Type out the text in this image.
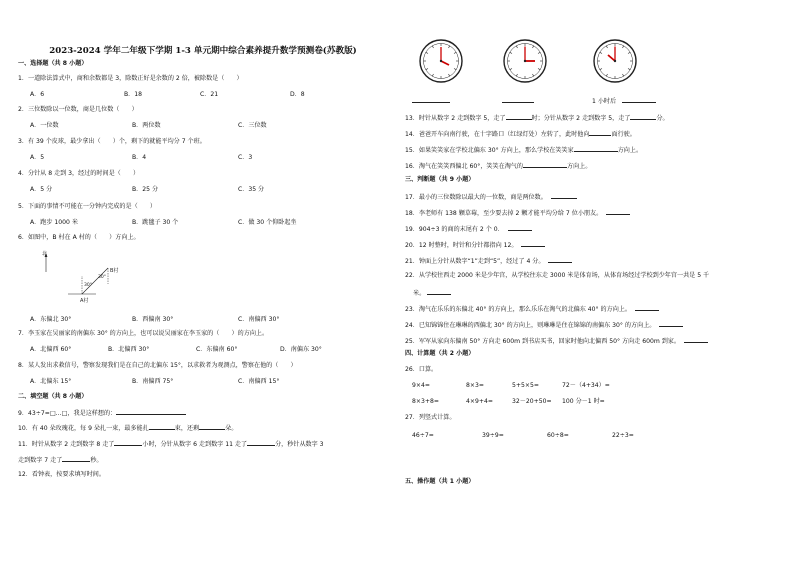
2023-2024 学年二年级下学期 1-3 单元期中综合素养提升数学预测卷(苏教版)
一、选择题（共 8 小题）
1．一道除法算式中，商和余数都是 3，除数正好是余数的 2 倍，被除数是（　　）
A．6	B．18	C．21	D．8
2．三位数除以一位数，商是几位数（　　）
A．一位数	B．两位数	C．三位数
3．有 39 个皮球，最少拿出（　　）个，剩下的就能平均分 7 个班。
A．5	B．4	C．3
4．分针从 8 走到 3，经过的时间是（　　）
A．5 分	B．25 分	C．35 分
5．下面的事情不可能在一分钟内完成的是（　　）
A．跑步 1000 米	B．跳毽子 30 个	C．做 30 个仰卧起坐
6．如图中，B 村在 A 村的（　　）方向上。
北
A村
B村
30°
30°
A．东偏北 30°	B．西偏南 30°	C．南偏西 30°
7．李玉家在吴丽家的南偏东 30° 的方向上，也可以说吴丽家在李玉家的（　　）的方向上。
A．北偏西 60°	B．北偏西 30°	C．东偏南 60°	D．南偏东 30°
8．某人发出求救信号，警察发现我们是在自己的北偏东 15°，以求救者为观测点，警察在他的（　　）
A．北偏东 15°	B．南偏西 75°	C．南偏西 15°
二、填空题（共 8 小题）
9．43÷7=□…□，我是这样想的：
10．有 40 朵玫瑰花，每 9 朵扎一束，最多能扎	束，还剩	朵。
11．时针从数字 2 走到数字 8 走了	小时，分针从数字 6 走到数字 11 走了	分，秒针从数字 3
走到数字 7 走了	秒。
12．看钟表，按要求填写时间。
1 小时后
13．时针从数字 2 走到数字 5，走了	时；分针从数字 2 走到数字 5，走了	分。
14．爸爸开车向南行驶，在十字路口（红绿灯处）左转了，此时他向	面行驶。
15．如果笑笑家在学校北偏东 30° 方向上，那么学校在笑笑家	方向上。
16．淘气在笑笑西偏北 60°，笑笑在淘气的	方向上。
三、判断题（共 9 小题）
17．最小的三位数除以最大的一位数，商是两位数。
18．李老师有 138 颗草莓，至少要去掉 2 颗才能平均分给 7 位小朋友。
19．904÷3 的商的末尾有 2 个 0．
20．12 时整时，时针和分针都指向 12。
21．钟面上分针从数字“1”走到“5”，经过了 4 分。
22．从学校往西走 2000 米是少年宫，从学校往东走 3000 米是体育场，从体育场经过学校到少年宫一共是 5 千
米。
23．淘气在乐乐的东偏北 40° 的方向上，那么乐乐在淘气的北偏东 40° 的方向上。
24．已知锦锦住在琳琳的西偏北 30° 的方向上，则琳琳是住在锦锦的南偏东 30° 的方向上。
25．军军从家向东偏南 50° 方向走 600m 到书店买书，回家时他向北偏西 50° 方向走 600m 到家。
四、计算题（共 2 小题）
26．口算。
9×4=	8×3=	5+5×5=	72－（4+34）=
8×3+8=	4×9+4=	32－20+50= 100 分－1 时=
27．列竖式计算。
46÷7=	39÷9=	60÷8=	22÷3=
五、操作题（共 1 小题）
